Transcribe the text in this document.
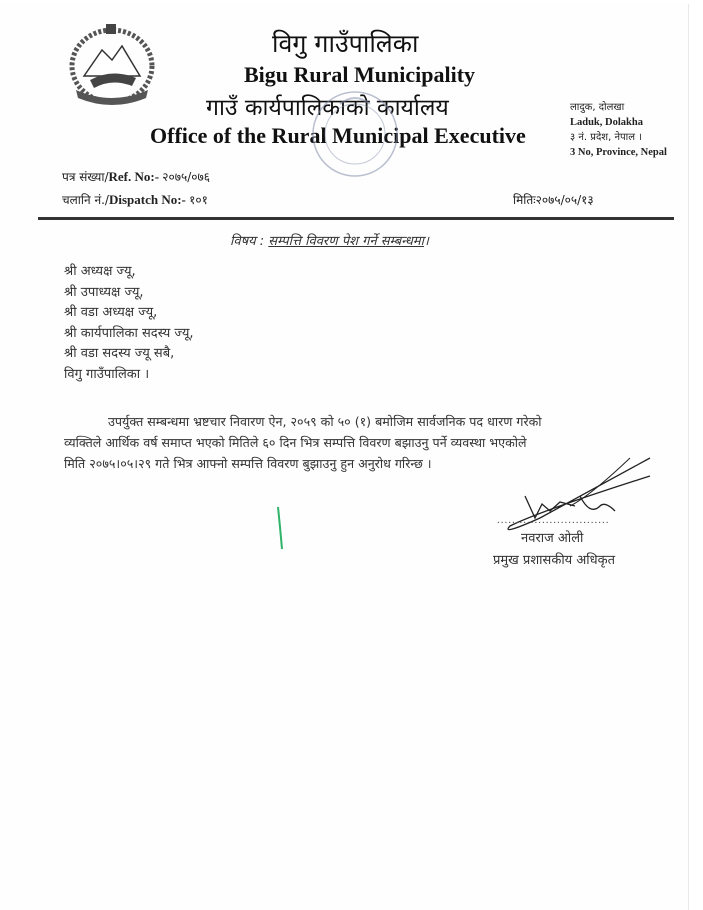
विगु गाउँपालिका
Bigu Rural Municipality
गाउँ कार्यपालिकाको कार्यालय
Office of the Rural Municipal Executive
लादुक, दोलखा
Laduk, Dolakha
३ नं. प्रदेश, नेपाल ।
3 No, Province, Nepal
पत्र संख्या/Ref. No:- २०७५/०७६
चलानि नं./Dispatch No:- १०१	मितिः२०७५/०५/१३
विषय : सम्पत्ति विवरण पेश गर्ने सम्बन्धमा।
श्री अध्यक्ष ज्यू,
श्री उपाध्यक्ष ज्यू,
श्री वडा अध्यक्ष ज्यू,
श्री कार्यपालिका सदस्य ज्यू,
श्री वडा सदस्य ज्यू सबै,
विगु गाउँपालिका ।
उपर्युक्त सम्बन्धमा भ्रष्टचार निवारण ऐन, २०५९ को ५० (१) बमोजिम सार्वजनिक पद धारण गरेको
व्यक्तिले आर्थिक वर्ष समाप्त भएको मितिले ६० दिन भित्र सम्पत्ति विवरण बझाउनु पर्ने व्यवस्था भएकोले
मिति २०७५।०५।२९ गते भित्र आफ्नो सम्पत्ति विवरण बुझाउनु हुन अनुरोध गरिन्छ ।
..............................
नवराज ओली
प्रमुख प्रशासकीय अधिकृत
